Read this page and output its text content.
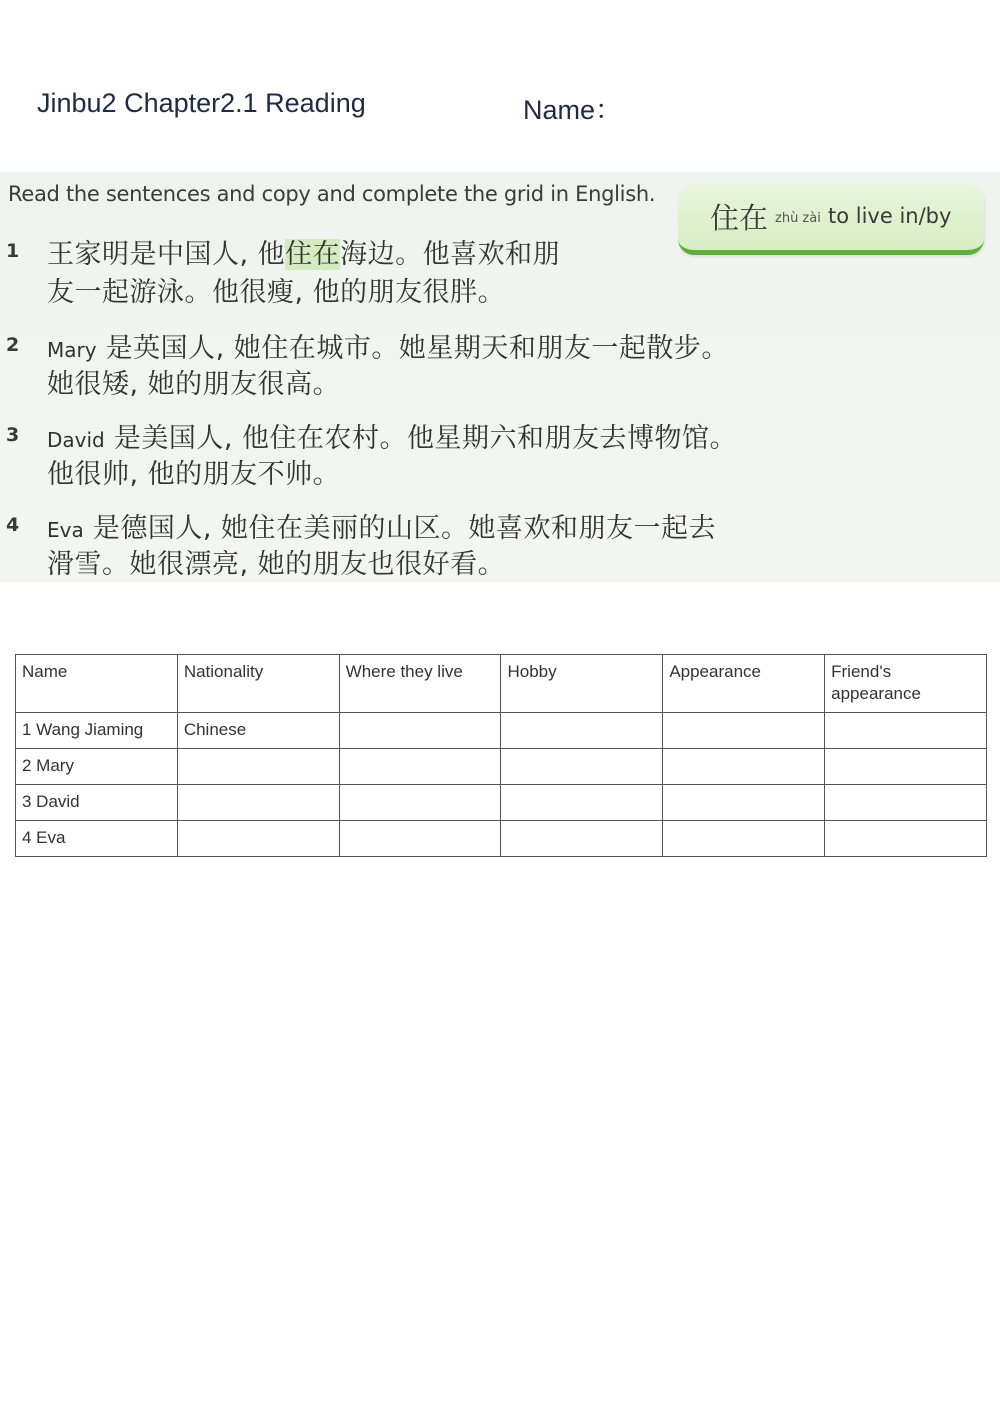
Jinbu2 Chapter2.1 Reading	Name：
Read the sentences and copy and complete the grid in English.
住在 zhù zài to live in/by
1 王家明是中国人, 他住在海边。他喜欢和朋
友一起游泳。他很瘦, 他的朋友很胖。
2 Mary 是英国人, 她住在城市。她星期天和朋友一起散步。
她很矮, 她的朋友很高。
3 David 是美国人, 他住在农村。他星期六和朋友去博物馆。
他很帅, 他的朋友不帅。
4 Eva 是德国人, 她住在美丽的山区。她喜欢和朋友一起去
滑雪。她很漂亮, 她的朋友也很好看。
Name	Nationality	Where they live	Hobby	Appearance	Friend's appearance
1 Wang Jiaming	Chinese				
2 Mary					
3 David					
4 Eva					
